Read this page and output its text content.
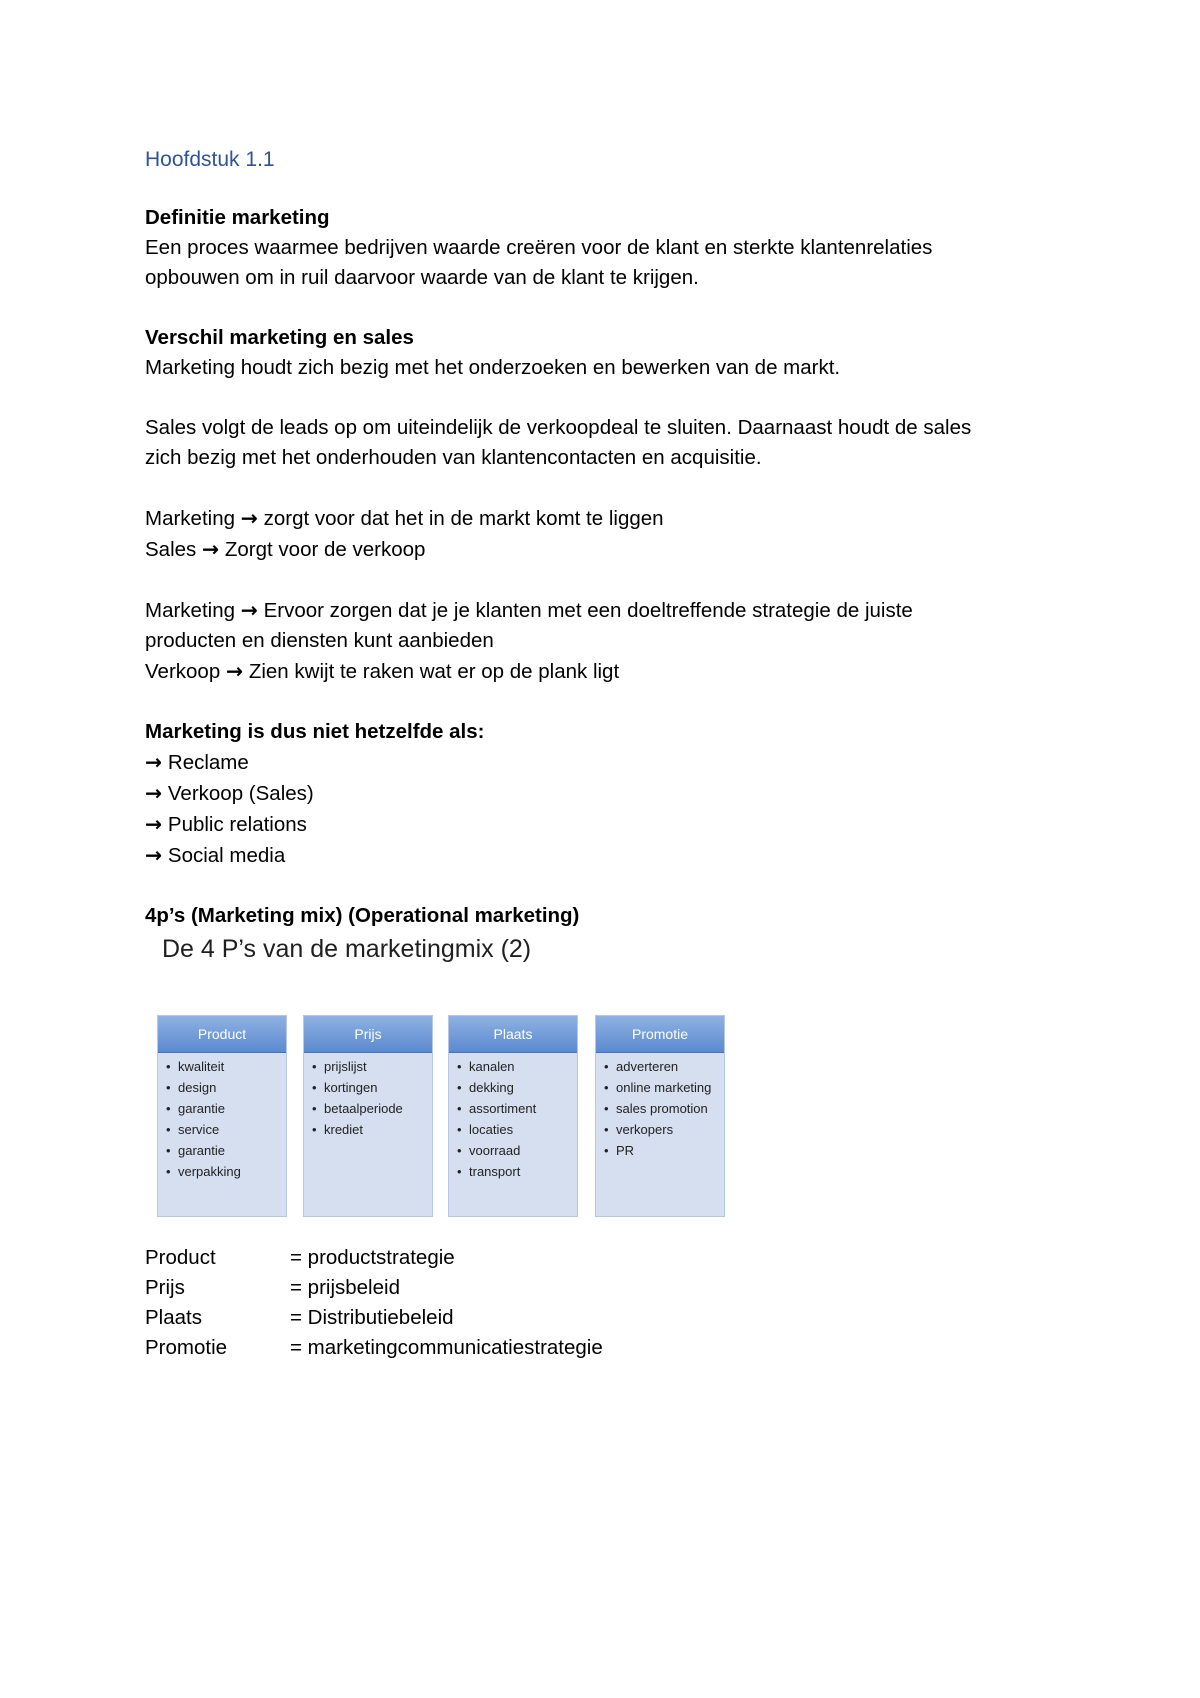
Hoofdstuk 1.1

Definitie marketing

Een proces waarmee bedrijven waarde creëren voor de klant en sterkte klantenrelaties

opbouwen om in ruil daarvoor waarde van de klant te krijgen.

Verschil marketing en sales

Marketing houdt zich bezig met het onderzoeken en bewerken van de markt.

Sales volgt de leads op om uiteindelijk de verkoopdeal te sluiten. Daarnaast houdt de sales

zich bezig met het onderhouden van klantencontacten en acquisitie.

Marketing → zorgt voor dat het in de markt komt te liggen

Sales → Zorgt voor de verkoop

Marketing → Ervoor zorgen dat je je klanten met een doeltreffende strategie de juiste

producten en diensten kunt aanbieden

Verkoop → Zien kwijt te raken wat er op de plank ligt

Marketing is dus niet hetzelfde als:

→ Reclame

→ Verkoop (Sales)

→ Public relations

→ Social media

4p’s (Marketing mix) (Operational marketing)

De 4 P’s van de marketingmix (2)
Product
• kwaliteit
• design
• garantie
• service
• garantie
• verpakking
Prijs
• prijslijst
• kortingen
• betaalperiode
• krediet
Plaats
• kanalen
• dekking
• assortiment
• locaties
• voorraad
• transport
Promotie
• adverteren
• online marketing
• sales promotion
• verkopers
• PR
Product	= productstrategie
Prijs	= prijsbeleid
Plaats	= Distributiebeleid
Promotie	= marketingcommunicatiestrategie
